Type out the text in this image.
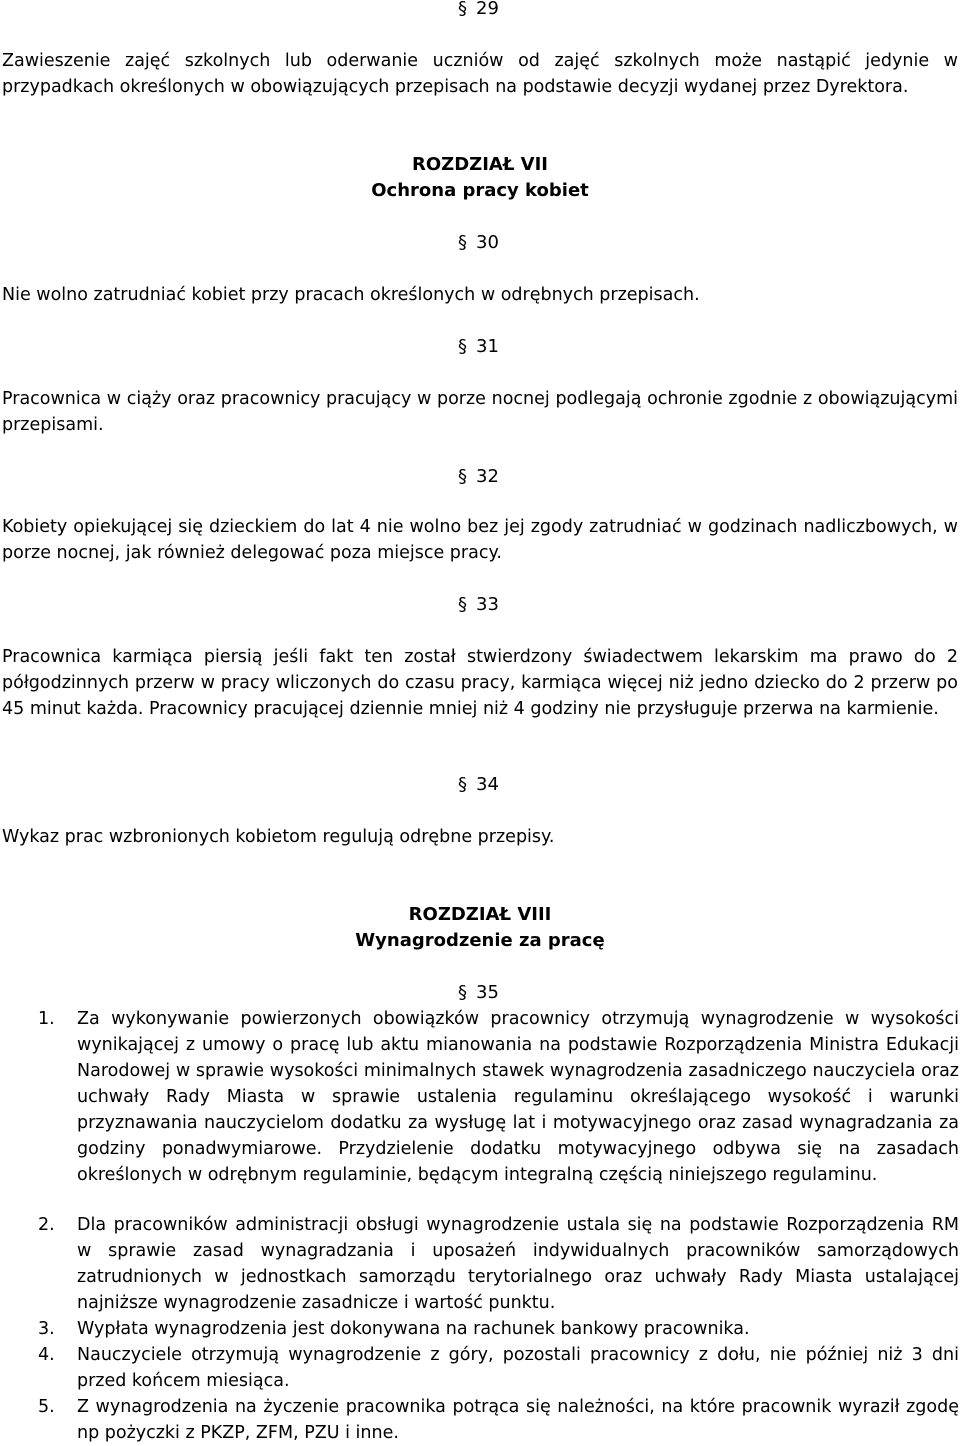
§ 29

Zawieszenie zajęć szkolnych lub oderwanie uczniów od zajęć szkolnych może nastąpić jedynie w przypadkach określonych w obowiązujących przepisach na podstawie decyzji wydanej przez Dyrektora.

ROZDZIAŁ VII
Ochrona pracy kobiet
§ 30

Nie wolno zatrudniać kobiet przy pracach określonych w odrębnych przepisach.

§ 31

Pracownica w ciąży oraz pracownicy pracujący w porze nocnej podlegają ochronie zgodnie z obowiązującymi przepisami.

§ 32

Kobiety opiekującej się dzieckiem do lat 4 nie wolno bez jej zgody zatrudniać w godzinach nadliczbowych, w porze nocnej, jak również delegować poza miejsce pracy.

§ 33

Pracownica karmiąca piersią jeśli fakt ten został stwierdzony świadectwem lekarskim ma prawo do 2 półgodzinnych przerw w pracy wliczonych do czasu pracy, karmiąca więcej niż jedno dziecko do 2 przerw po 45 minut każda. Pracownicy pracującej dziennie mniej niż 4 godziny nie przysługuje przerwa na karmienie.

§ 34

Wykaz prac wzbronionych kobietom regulują odrębne przepisy.

ROZDZIAŁ VIII
Wynagrodzenie za pracę
§ 35
1.	Za wykonywanie powierzonych obowiązków pracownicy otrzymują wynagrodzenie w wysokości wynikającej z umowy o pracę lub aktu mianowania na podstawie Rozporządzenia Ministra Edukacji Narodowej w sprawie wysokości minimalnych stawek wynagrodzenia zasadniczego nauczyciela oraz uchwały Rady Miasta w sprawie ustalenia regulaminu określającego wysokość i warunki przyznawania nauczycielom dodatku za wysługę lat i motywacyjnego oraz zasad wynagradzania za godziny ponadwymiarowe. Przydzielenie dodatku motywacyjnego odbywa się na zasadach określonych w odrębnym regulaminie, będącym integralną częścią niniejszego regulaminu.
2.	Dla pracowników administracji obsługi wynagrodzenie ustala się na podstawie Rozporządzenia RM w sprawie zasad wynagradzania i uposażeń indywidualnych pracowników samorządowych zatrudnionych w jednostkach samorządu terytorialnego oraz uchwały Rady Miasta ustalającej najniższe wynagrodzenie zasadnicze i wartość punktu.
3.	Wypłata wynagrodzenia jest dokonywana na rachunek bankowy pracownika.
4.	Nauczyciele otrzymują wynagrodzenie z góry, pozostali pracownicy z dołu, nie później niż 3 dni przed końcem miesiąca.
5.	Z wynagrodzenia na życzenie pracownika potrąca się należności, na które pracownik wyraził zgodę np pożyczki z PKZP, ZFM, PZU i inne.
